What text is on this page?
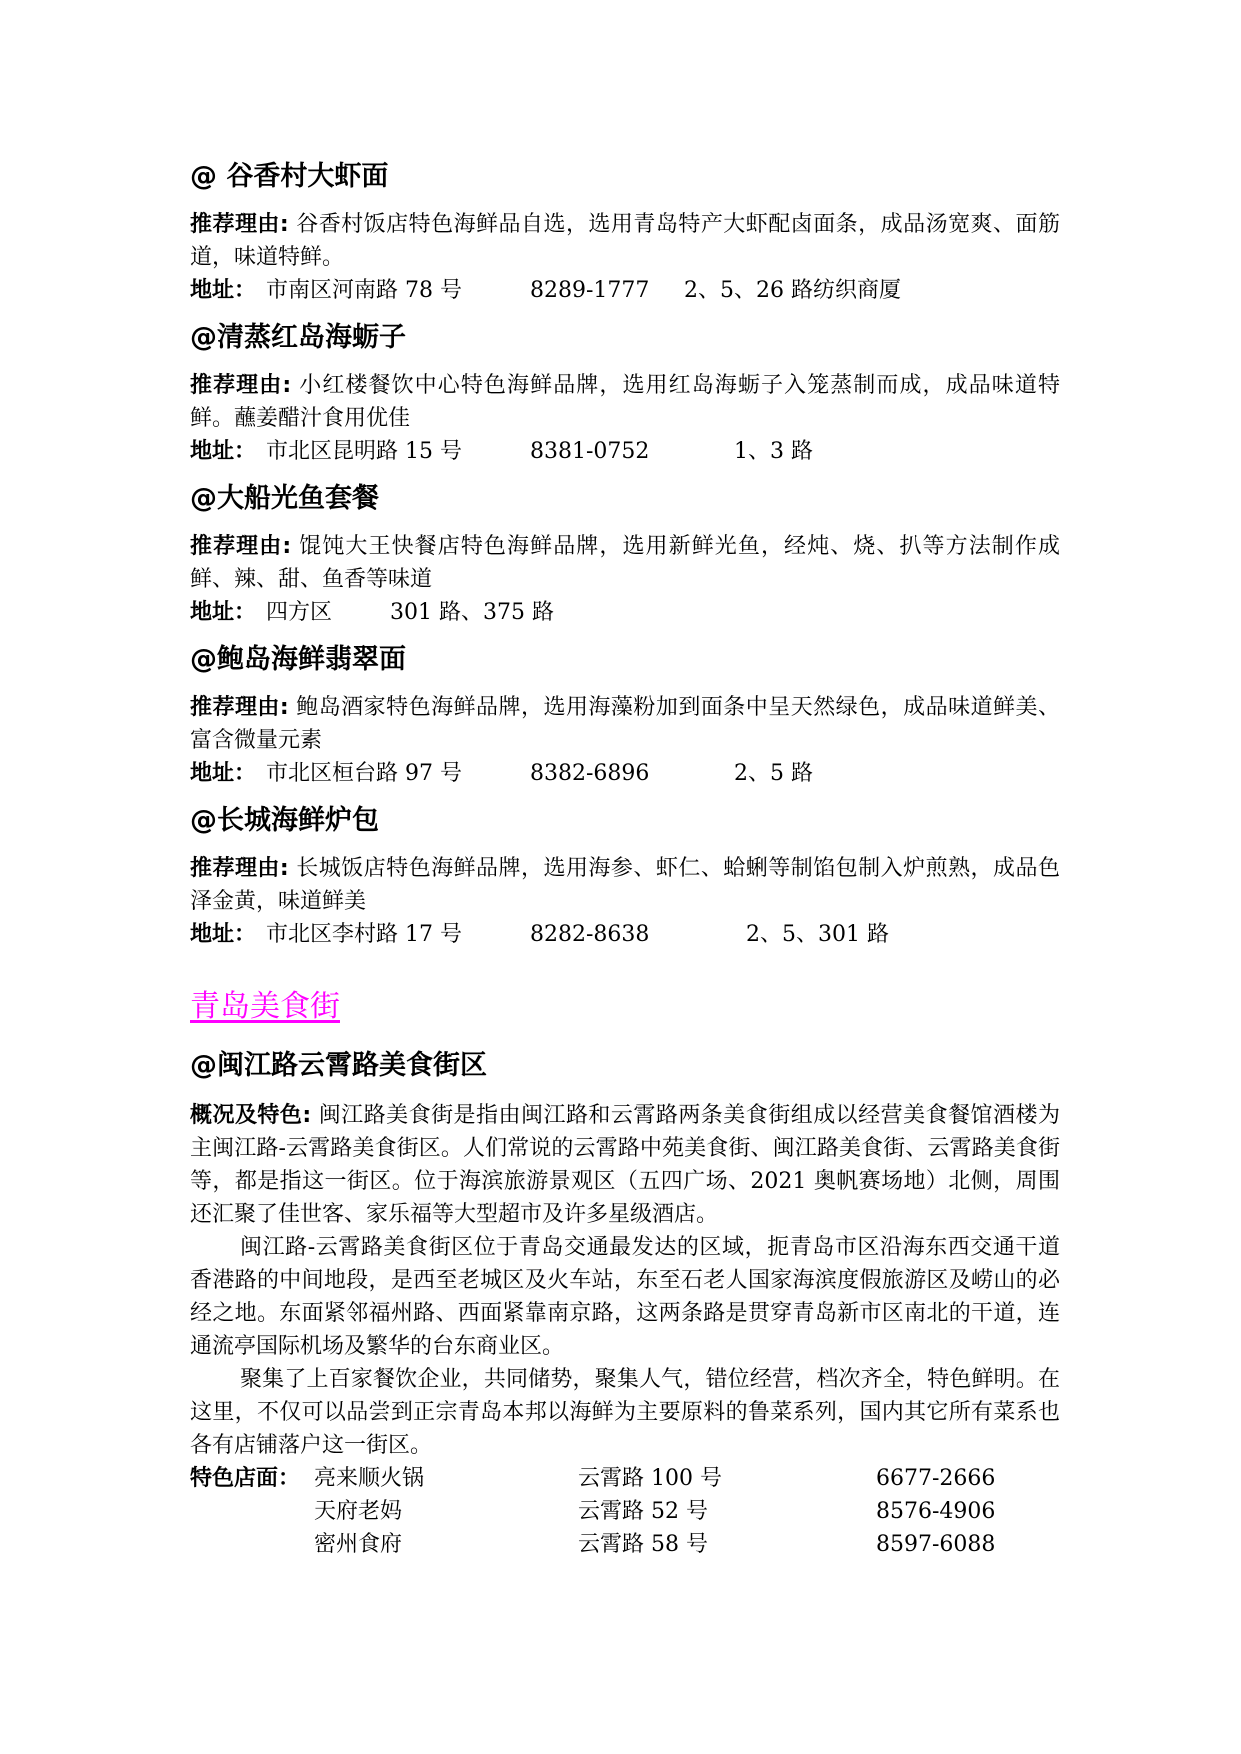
@ 谷香村大虾面

推荐理由: 谷香村饭店特色海鲜品自选，选用青岛特产大虾配卤面条，成品汤宽爽、面筋道，味道特鲜。

地址： 市南区河南路 78 号	8289-1777 2、5、26 路纺织商厦

@清蒸红岛海蛎子

推荐理由: 小红楼餐饮中心特色海鲜品牌，选用红岛海蛎子入笼蒸制而成，成品味道特鲜。蘸姜醋汁食用优佳

地址： 市北区昆明路 15 号	8381-0752	1、3 路

@大船光鱼套餐

推荐理由: 馄饨大王快餐店特色海鲜品牌，选用新鲜光鱼，经炖、烧、扒等方法制作成鲜、辣、甜、鱼香等味道

地址： 四方区	301 路、375 路

@鲍岛海鲜翡翠面

推荐理由: 鲍岛酒家特色海鲜品牌，选用海藻粉加到面条中呈天然绿色，成品味道鲜美、富含微量元素

地址： 市北区桓台路 97 号	8382-6896	2、5 路

@长城海鲜炉包

推荐理由: 长城饭店特色海鲜品牌，选用海参、虾仁、蛤蜊等制馅包制入炉煎熟，成品色泽金黄，味道鲜美

地址： 市北区李村路 17 号	8282-8638	2、5、301 路

青岛美食街
@闽江路云霄路美食街区

概况及特色: 闽江路美食街是指由闽江路和云霄路两条美食街组成以经营美食餐馆酒楼为主闽江路-云霄路美食街区。人们常说的云霄路中苑美食街、闽江路美食街、云霄路美食街等，都是指这一街区。位于海滨旅游景观区（五四广场、2021 奥帆赛场地）北侧，周围还汇聚了佳世客、家乐福等大型超市及许多星级酒店。

闽江路-云霄路美食街区位于青岛交通最发达的区域，扼青岛市区沿海东西交通干道香港路的中间地段，是西至老城区及火车站，东至石老人国家海滨度假旅游区及崂山的必经之地。东面紧邻福州路、西面紧靠南京路，这两条路是贯穿青岛新市区南北的干道，连通流亭国际机场及繁华的台东商业区。

聚集了上百家餐饮企业，共同储势，聚集人气，错位经营，档次齐全，特色鲜明。在这里，不仅可以品尝到正宗青岛本邦以海鲜为主要原料的鲁菜系列，国内其它所有菜系也各有店铺落户这一街区。

特色店面： 亮来顺火锅	云霄路 100 号	6677-2666
天府老妈	云霄路 52 号	8576-4906
密州食府	云霄路 58 号	8597-6088
